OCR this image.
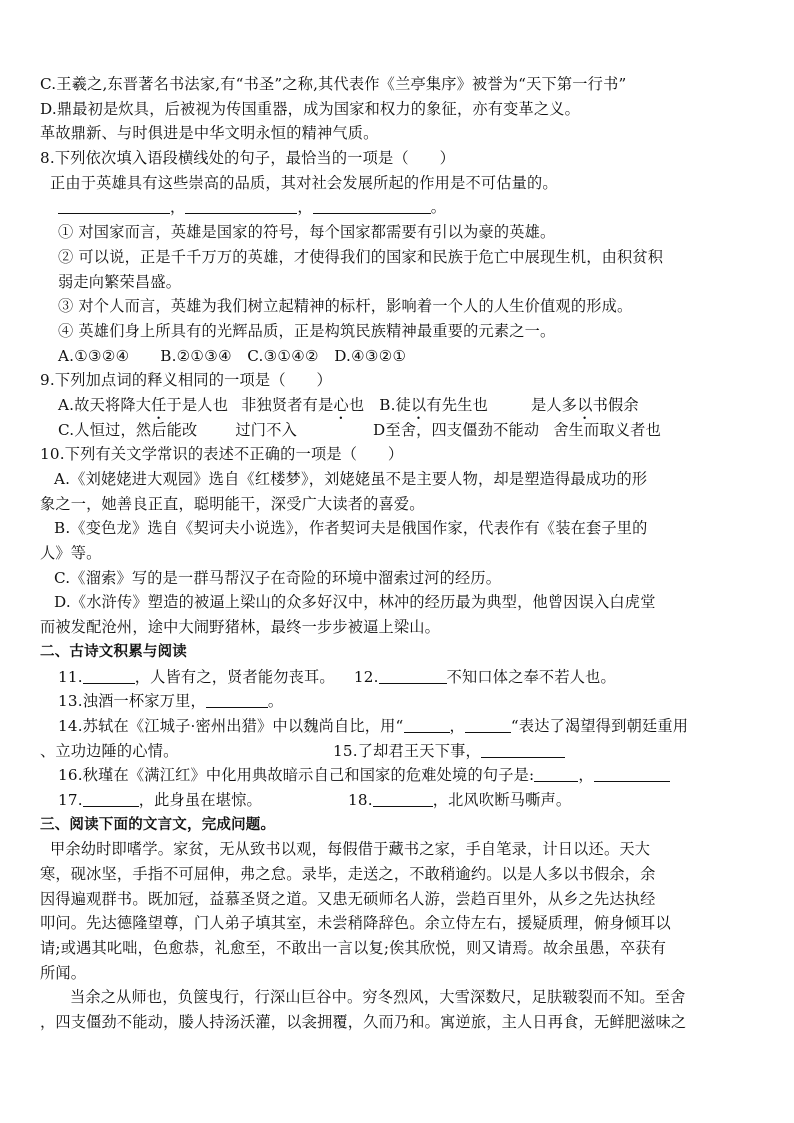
C.王羲之,东晋著名书法家,有“书圣”之称,其代表作《兰亭集序》被誉为“天下第一行书”
D.鼎最初是炊具，后被视为传国重器，成为国家和权力的象征，亦有变革之义。
革故鼎新、与时俱进是中华文明永恒的精神气质。
8.下列依次填入语段横线处的句子，最恰当的一项是（　　）
正由于英雄具有这些崇高的品质，其对社会发展所起的作用是不可估量的。
，	，	。
① 对国家而言，英雄是国家的符号，每个国家都需要有引以为豪的英雄。
② 可以说，正是千千万万的英雄，才使得我们的国家和民族于危亡中展现生机，由积贫积
弱走向繁荣昌盛。
③ 对个人而言，英雄为我们树立起精神的标杆，影响着一个人的人生价值观的形成。
④ 英雄们身上所具有的光辉品质，正是构筑民族精神最重要的元素之一。
A.①③②④　　B.②①③④　C.③①④②　D.④③②①
9.下列加点词的释义相同的一项是（　　）
A.故天将降大任于是人也 非独贤者有是心也 B.徒以有先生也	是人多以书假余
C.人恒过，然后能改	过门不入	D至舍，四支僵劲不能动 舍生而取义者也
10.下列有关文学常识的表述不正确的一项是（　　）
A.《刘姥姥进大观园》选自《红楼梦》，刘姥姥虽不是主要人物，却是塑造得最成功的形
象之一，她善良正直，聪明能干，深受广大读者的喜爱。
B.《变色龙》选自《契诃夫小说选》，作者契诃夫是俄国作家，代表作有《装在套子里的
人》等。
C.《溜索》写的是一群马帮汉子在奇险的环境中溜索过河的经历。
D.《水浒传》塑造的被逼上梁山的众多好汉中，林冲的经历最为典型，他曾因误入白虎堂
而被发配沧州，途中大闹野猪林，最终一步步被逼上梁山。
二、古诗文积累与阅读
11.	，人皆有之，贤者能勿丧耳。 12.	不知口体之奉不若人也。
13.浊酒一杯家万里，	。
14.苏轼在《江城子·密州出猎》中以魏尚自比，用“	，	“表达了渴望得到朝廷重用
、立功边陲的心情。	15.了却君王天下事，
16.秋瑾在《满江红》中化用典故暗示自己和国家的危难处境的句子是:	，
17.	，此身虽在堪惊。	18.	，北风吹断马嘶声。
三、阅读下面的文言文，完成问题。
甲余幼时即嗜学。家贫，无从致书以观，每假借于藏书之家，手自笔录，计日以还。天大
寒，砚冰坚，手指不可屈伸，弗之怠。录毕，走送之，不敢稍逾约。以是人多以书假余，余
因得遍观群书。既加冠，益慕圣贤之道。又患无硕师名人游，尝趋百里外，从乡之先达执经
叩问。先达德隆望尊，门人弟子填其室，未尝稍降辞色。余立侍左右，援疑质理，俯身倾耳以
请;或遇其叱咄，色愈恭，礼愈至，不敢出一言以复;俟其欣悦，则又请焉。故余虽愚，卒获有
所闻。
当余之从师也，负箧曳行，行深山巨谷中。穷冬烈风，大雪深数尺，足肤皲裂而不知。至舍
，四支僵劲不能动，媵人持汤沃灌，以衾拥覆，久而乃和。寓逆旅，主人日再食，无鲜肥滋味之
